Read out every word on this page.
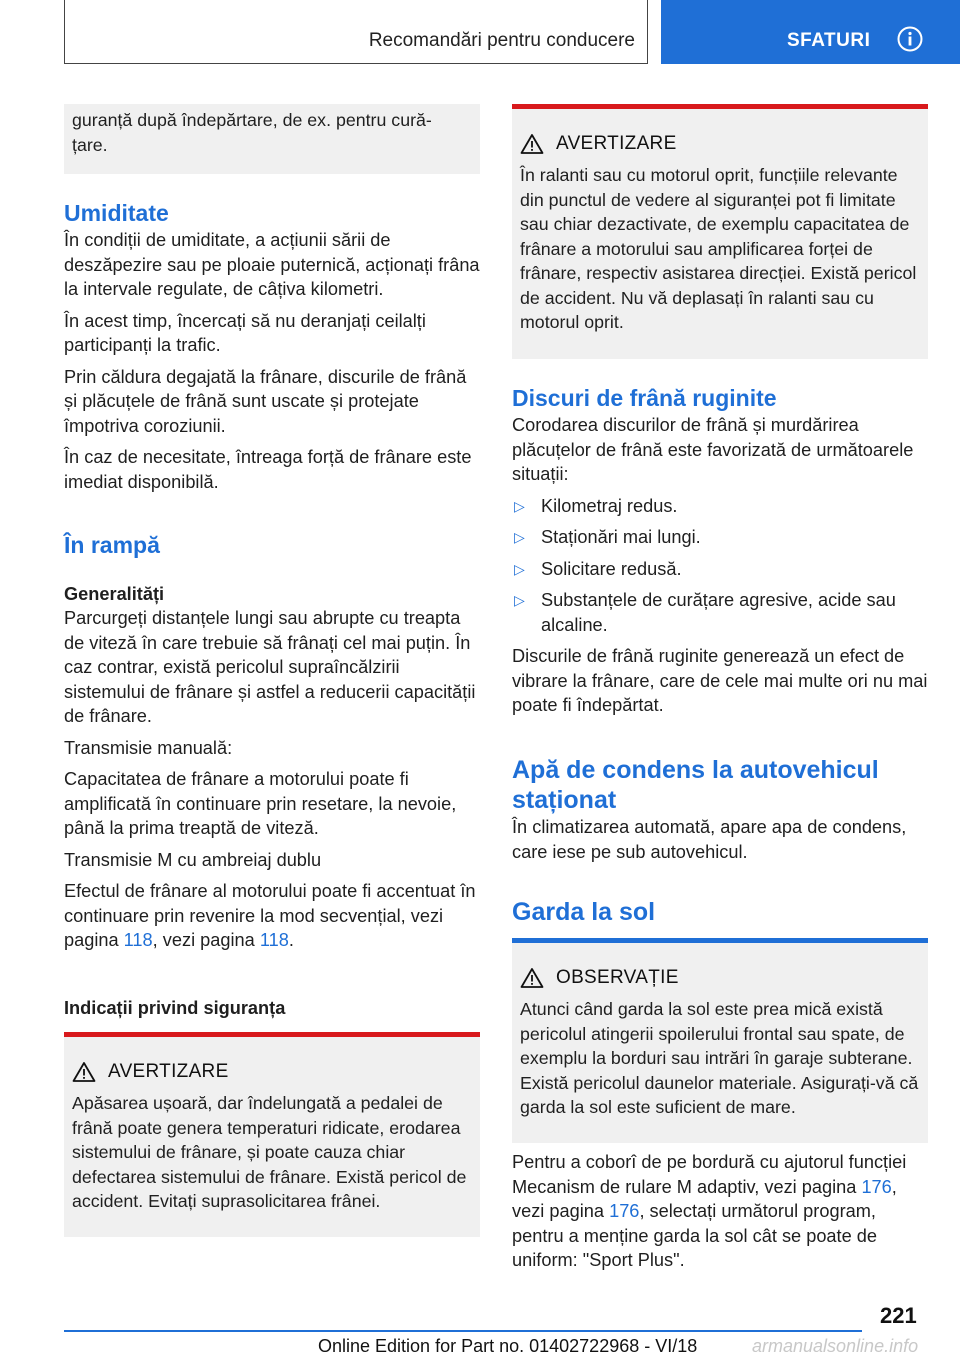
Recomandări pentru conducere	SFATURI

guranță după îndepărtare, de ex. pentru cură-
țare.

Umiditate

În condiții de umiditate, a acțiunii sării de deszăpezire sau pe ploaie puternică, acționați frâna la intervale regulate, de câțiva kilometri.

În acest timp, încercați să nu deranjați ceilalți participanți la trafic.

Prin căldura degajată la frânare, discurile de frână și plăcuțele de frână sunt uscate și protejate împotriva coroziunii.

În caz de necesitate, întreaga forță de frânare este imediat disponibilă.

În rampă
Generalități

Parcurgeți distanțele lungi sau abrupte cu treapta de viteză în care trebuie să frânați cel mai puțin. În caz contrar, există pericolul supraîncălzirii sistemului de frânare și astfel a reducerii capacității de frânare.

Transmisie manuală:

Capacitatea de frânare a motorului poate fi amplificată în continuare prin resetare, la nevoie, până la prima treaptă de viteză.

Transmisie M cu ambreiaj dublu

Efectul de frânare al motorului poate fi accentuat în continuare prin revenire la mod secvențial, vezi pagina 118, vezi pagina 118.

Indicații privind siguranța
AVERTIZARE

Apăsarea ușoară, dar îndelungată a pedalei de frână poate genera temperaturi ridicate, erodarea sistemului de frânare, și poate cauza chiar defectarea sistemului de frânare. Există pericol de accident. Evitați suprasolicitarea frânei.

AVERTIZARE

În ralanti sau cu motorul oprit, funcțiile relevante din punctul de vedere al siguranței pot fi limitate sau chiar dezactivate, de exemplu capacitatea de frânare a motorului sau amplificarea forței de frânare, respectiv asistarea direcției. Există pericol de accident. Nu vă deplasați în ralanti sau cu motorul oprit.

Discuri de frână ruginite

Corodarea discurilor de frână și murdărirea plăcuțelor de frână este favorizată de următoarele situații:

▷ Kilometraj redus.
▷ Staționări mai lungi.
▷ Solicitare redusă.
▷ Substanțele de curățare agresive, acide sau alcaline.

Discurile de frână ruginite generează un efect de vibrare la frânare, care de cele mai multe ori nu mai poate fi îndepărtat.

Apă de condens la autovehicul staționat

În climatizarea automată, apare apa de condens, care iese pe sub autovehicul.

Garda la sol
OBSERVAȚIE

Atunci când garda la sol este prea mică există pericolul atingerii spoilerului frontal sau spate, de exemplu la borduri sau intrări în garaje subterane. Există pericolul daunelor materiale. Asigurați-vă că garda la sol este suficient de mare.

Pentru a coborî de pe bordură cu ajutorul funcției Mecanism de rulare M adaptiv, vezi pagina 176, vezi pagina 176, selectați următorul program, pentru a menține garda la sol cât se poate de uniform: "Sport Plus".

221
Online Edition for Part no. 01402722968 - VI/18	armanualsonline.info
